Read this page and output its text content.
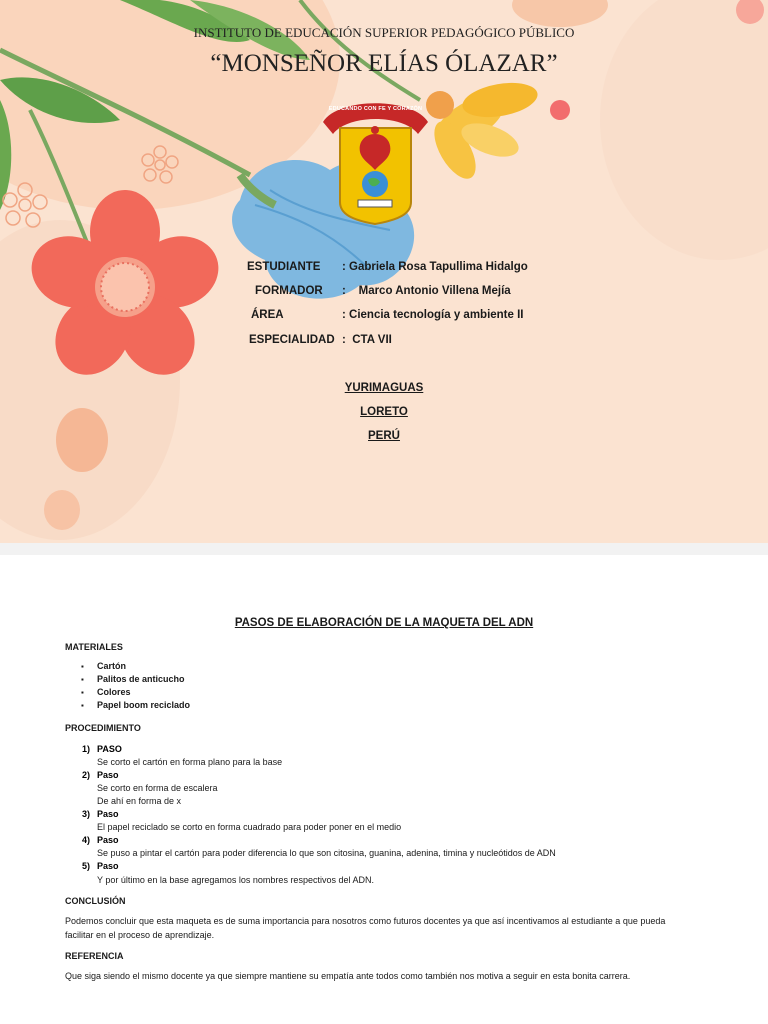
INSTITUTO DE EDUCACIÓN SUPERIOR PEDAGÓGICO PÚBLICO
“MONSEÑOR ELÍAS ÓLAZAR”
EDUCANDO CON FE Y CORAZÓN
ESTUDIANTE : Gabriela Rosa Tapullima Hidalgo
FORMADOR :    Marco Antonio Villena Mejía
ÁREA	: Ciencia tecnología y ambiente II
ESPECIALIDAD :  CTA VII
YURIMAGUAS
LORETO
PERÚ
PASOS DE ELABORACIÓN DE LA MAQUETA DEL ADN
MATERIALES
▪ Cartón
▪ Palitos de anticucho
▪ Colores
▪ Papel boom reciclado
PROCEDIMIENTO
1) PASO
Se corto el cartón en forma plano para la base
2) Paso
Se corto en forma de escalera
De ahí en forma de x
3) Paso
El papel reciclado se corto en forma cuadrado para poder poner en el medio
4) Paso
Se puso a pintar el cartón para poder diferencia lo que son citosina, guanina, adenina, timina y nucleótidos de ADN
5) Paso
Y por último en la base agregamos los nombres respectivos del ADN.
CONCLUSIÓN
Podemos concluir que esta maqueta es de suma importancia para nosotros como futuros docentes ya que así incentivamos al estudiante a que pueda
facilitar en el proceso de aprendizaje.
REFERENCIA
Que siga siendo el mismo docente ya que siempre mantiene su empatía ante todos como también nos motiva a seguir en esta bonita carrera.
